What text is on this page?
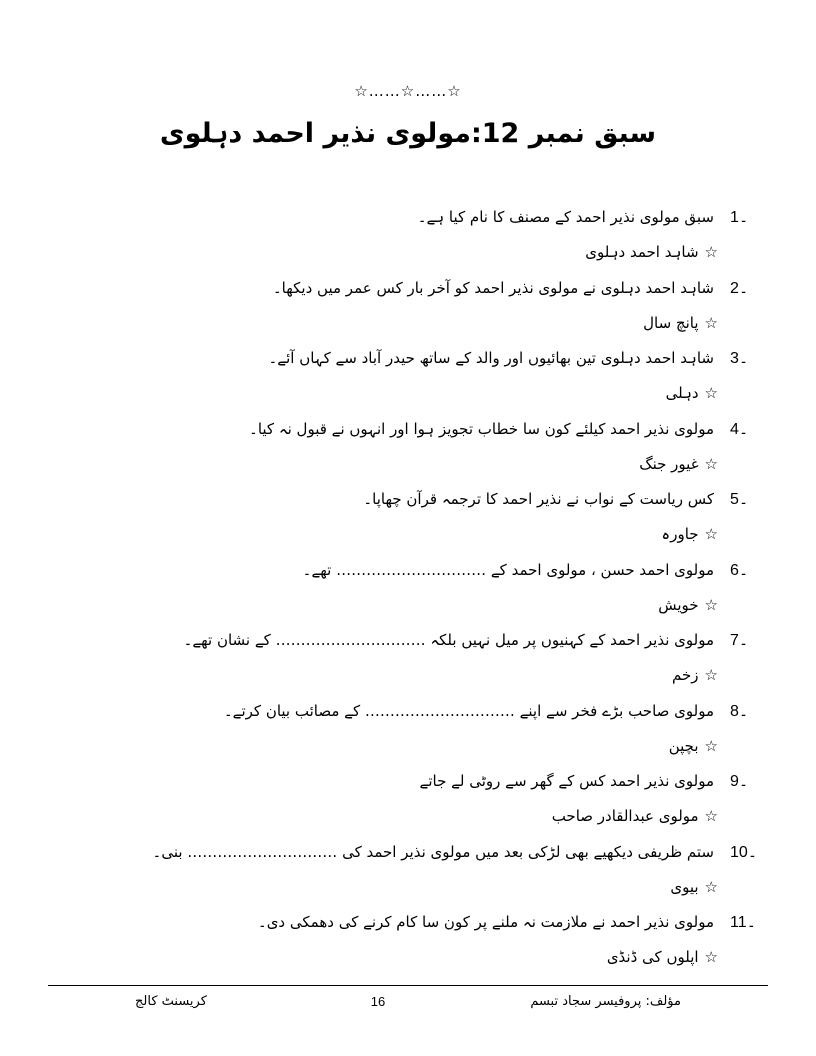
☆……☆……☆
سبق نمبر 12:مولوی نذیر احمد دہلوی
1۔سبق مولوی نذیر احمد کے مصنف کا نام کیا ہے۔
☆شاہد احمد دہلوی
2۔شاہد احمد دہلوی نے مولوی نذیر احمد کو آخر بار کس عمر میں دیکھا۔
☆پانچ سال
3۔شاہد احمد دہلوی تین بھائیوں اور والد کے ساتھ حیدر آباد سے کہاں آئے۔
☆دہلی
4۔مولوی نذیر احمد کیلئے کون سا خطاب تجویز ہوا اور انہوں نے قبول نہ کیا۔
☆غیور جنگ
5۔کس ریاست کے نواب نے نذیر احمد کا ترجمہ قرآن چھاپا۔
☆جاورہ
6۔مولوی احمد حسن ، مولوی احمد کے ………………………… تھے۔
☆خویش
7۔مولوی نذیر احمد کے کہنیوں پر میل نہیں بلکہ ………………………… کے نشان تھے۔
☆زخم
8۔مولوی صاحب بڑے فخر سے اپنے ………………………… کے مصائب بیان کرتے۔
☆بچپن
9۔مولوی نذیر احمد کس کے گھر سے روٹی لے جاتے
☆مولوی عبدالقادر صاحب
10۔ستم ظریفی دیکھیے بھی لڑکی بعد میں مولوی نذیر احمد کی ………………………… بنی۔
☆بیوی
11۔مولوی نذیر احمد نے ملازمت نہ ملنے پر کون سا کام کرنے کی دھمکی دی۔
☆اپلوں کی ڈنڈی
مؤلف: پروفیسر سجاد تبسم
16
کریسنٹ کالج
